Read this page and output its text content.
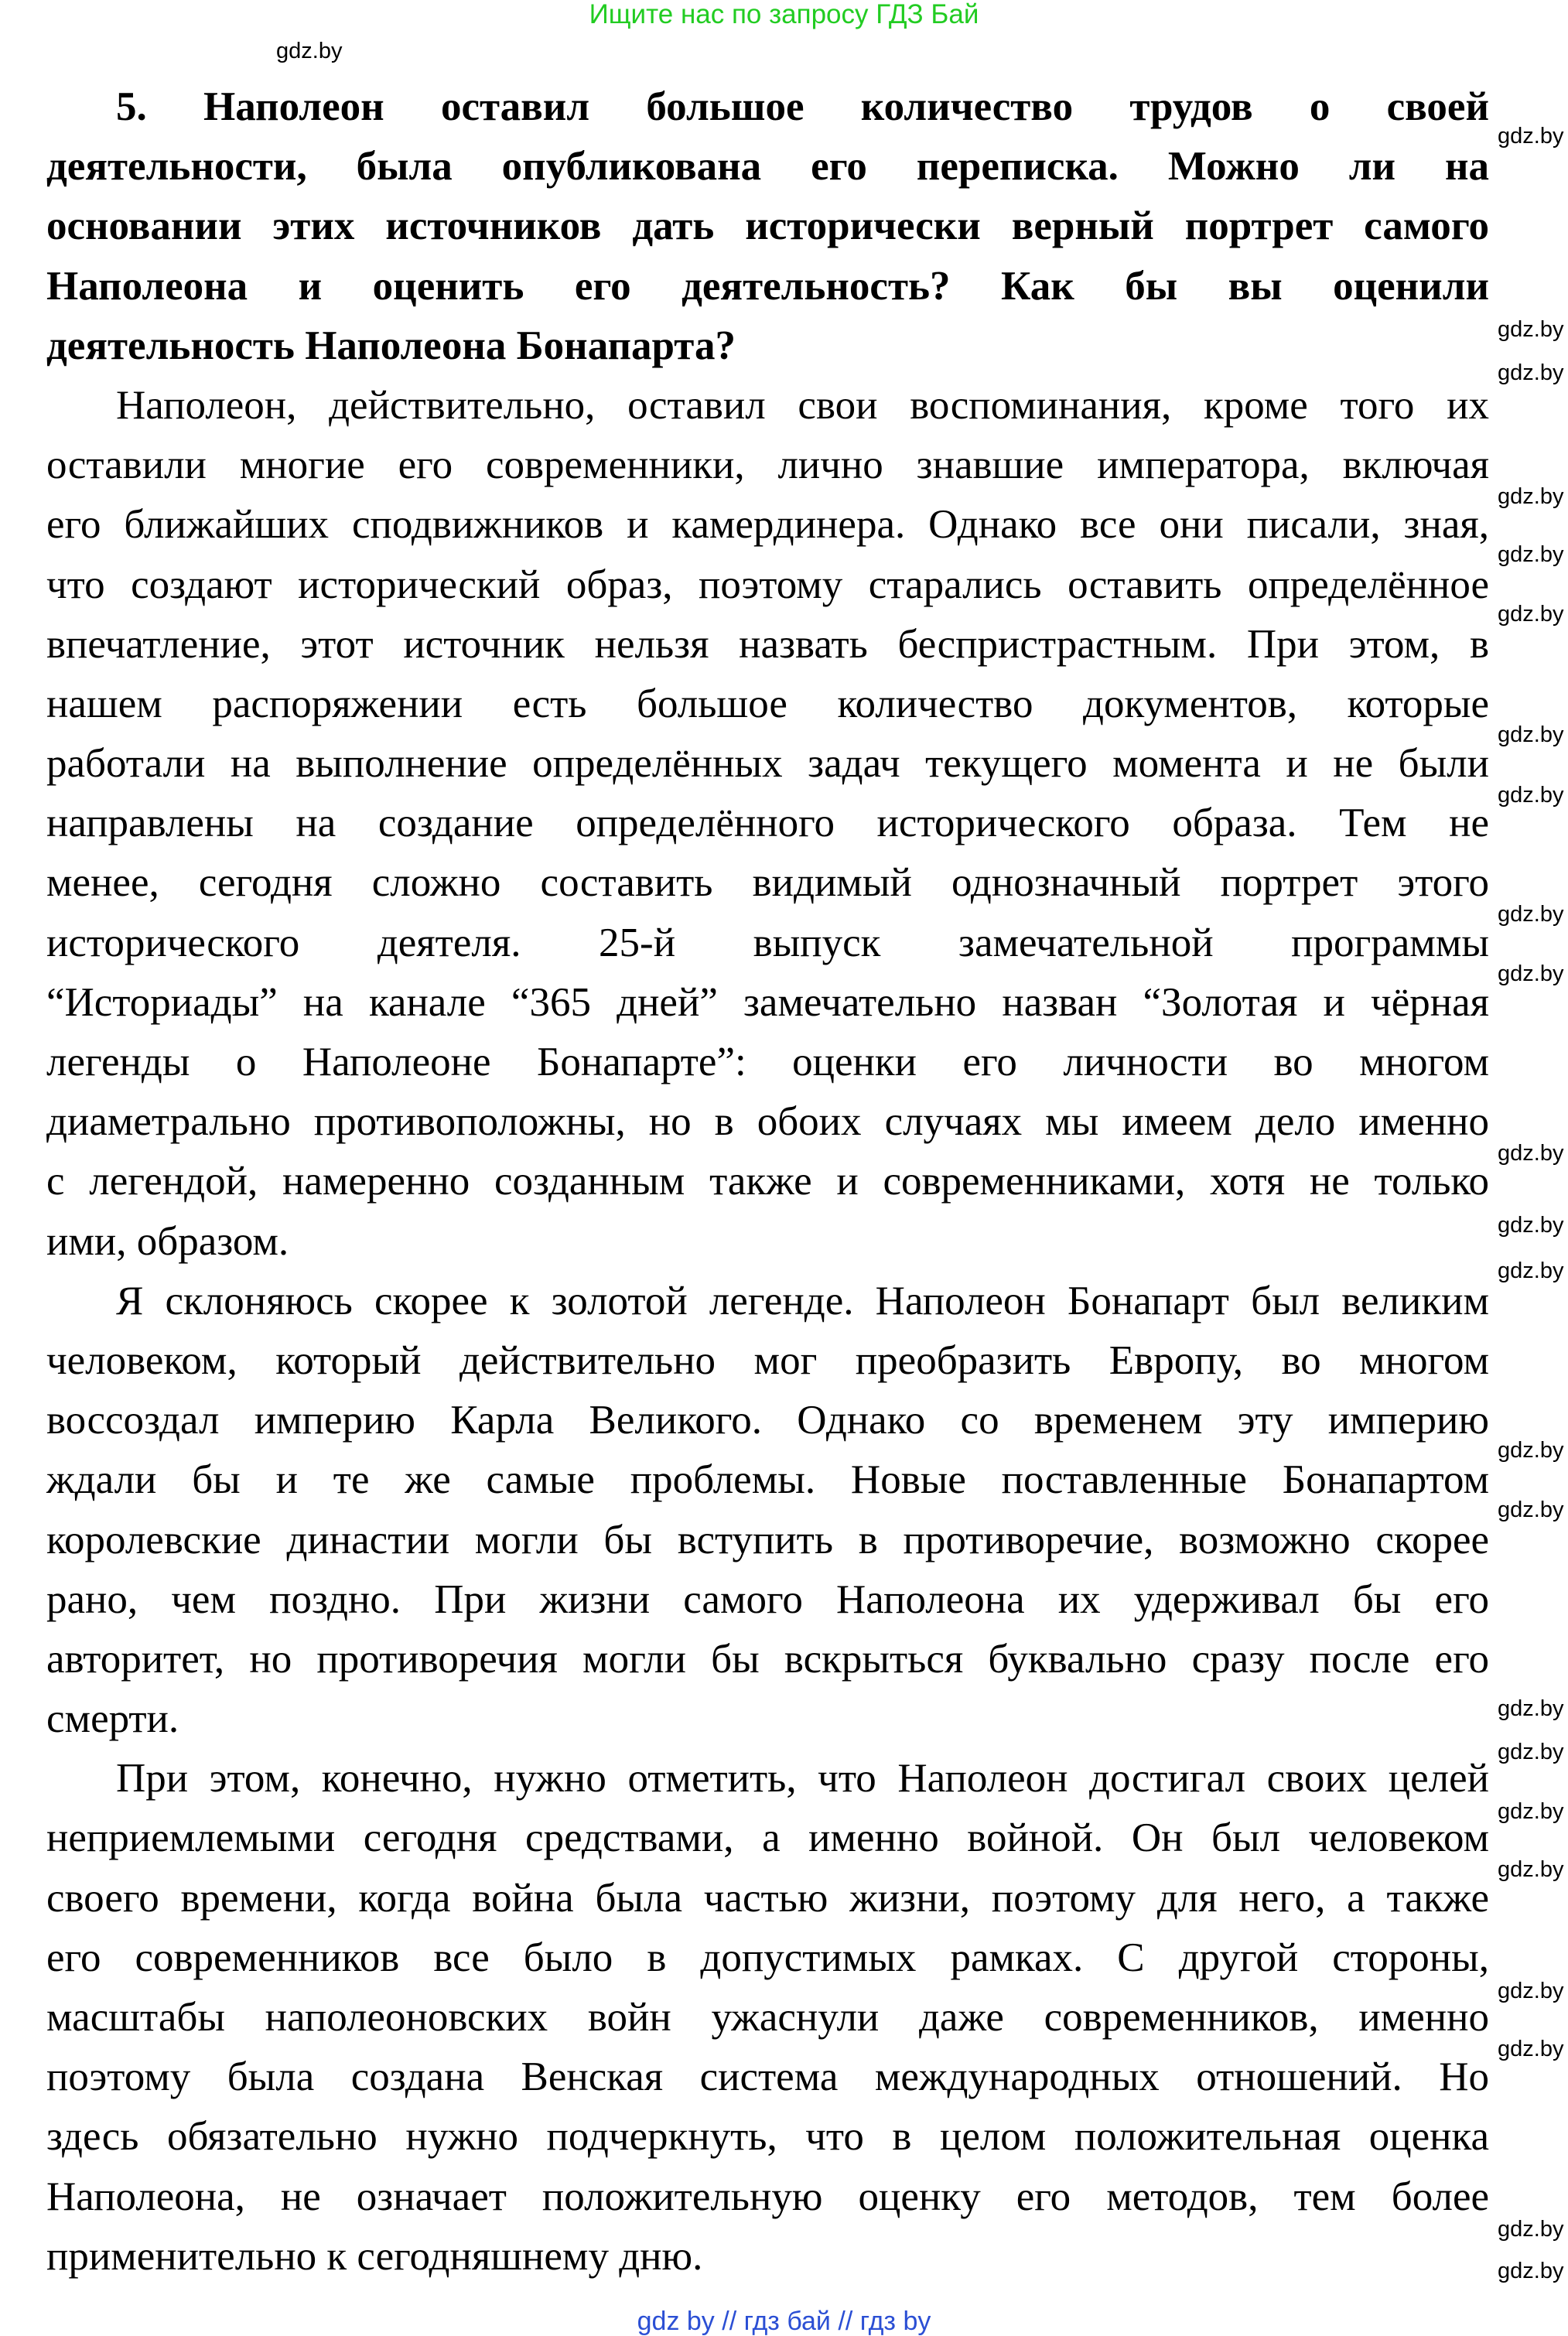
Ищите нас по запросу ГДЗ Бай
5. Наполеон оставил большое количество трудов о своей
деятельности, была опубликована его переписка. Можно ли на
основании этих источников дать исторически верный портрет самого
Наполеона и оценить его деятельность? Как бы вы оценили
деятельность Наполеона Бонапарта?
Наполеон, действительно, оставил свои воспоминания, кроме того их
оставили многие его современники, лично знавшие императора, включая
его ближайших сподвижников и камердинера. Однако все они писали, зная,
что создают исторический образ, поэтому старались оставить определённое
впечатление, этот источник нельзя назвать беспристрастным. При этом, в
нашем распоряжении есть большое количество документов, которые
работали на выполнение определённых задач текущего момента и не были
направлены на создание определённого исторического образа. Тем не
менее, сегодня сложно составить видимый однозначный портрет этого
исторического деятеля. 25-й выпуск замечательной программы
“Историады” на канале “365 дней” замечательно назван “Золотая и чёрная
легенды о Наполеоне Бонапарте”: оценки его личности во многом
диаметрально противоположны, но в обоих случаях мы имеем дело именно
с легендой, намеренно созданным также и современниками, хотя не только
ими, образом.
Я склоняюсь скорее к золотой легенде. Наполеон Бонапарт был великим
человеком, который действительно мог преобразить Европу, во многом
воссоздал империю Карла Великого. Однако со временем эту империю
ждали бы и те же самые проблемы. Новые поставленные Бонапартом
королевские династии могли бы вступить в противоречие, возможно скорее
рано, чем поздно. При жизни самого Наполеона их удерживал бы его
авторитет, но противоречия могли бы вскрыться буквально сразу после его
смерти.
При этом, конечно, нужно отметить, что Наполеон достигал своих целей
неприемлемыми сегодня средствами, а именно войной. Он был человеком
своего времени, когда война была частью жизни, поэтому для него, а также
его современников все было в допустимых рамках. С другой стороны,
масштабы наполеоновских войн ужаснули даже современников, именно
поэтому была создана Венская система международных отношений. Но
здесь обязательно нужно подчеркнуть, что в целом положительная оценка
Наполеона, не означает положительную оценку его методов, тем более
применительно к сегодняшнему дню.
gdz.by
gdz.by
gdz.by
gdz.by
gdz.by
gdz.by
gdz.by
gdz.by
gdz.by
gdz.by
gdz.by
gdz.by
gdz.by
gdz.by
gdz.by
gdz.by
gdz.by
gdz.by
gdz.by
gdz.by
gdz.by
gdz.by
gdz.by
gdz.by
gdz by // гдз бай // гдз by
